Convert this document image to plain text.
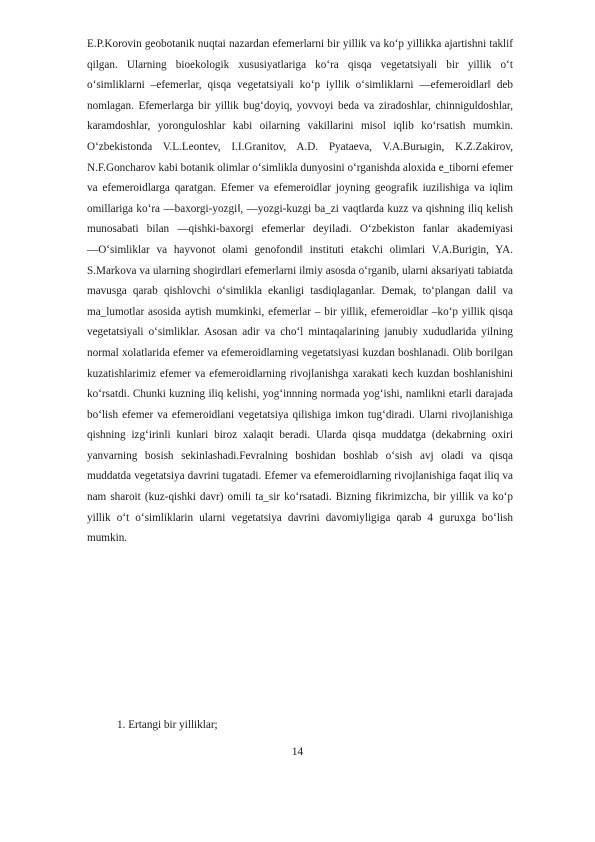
E.P.Korovin geobotanik nuqtai nazardan efemerlarni bir yillik va ko‘p yillikka ajartishni taklif qilgan. Ularning bioekologik xususiyatlariga ko‘ra qisqa vegetatsiyali bir yillik o‘t o‘simliklarni –efemerlar, qisqa vegetatsiyali ko‘p iyllik o‘simliklarni ―efemeroidlar‖ deb nomlagan. Efemerlarga bir yillik bug‘doyiq, yovvoyi beda va ziradoshlar, chinniguldoshlar, karamdoshlar, yoronguloshlar kabi oilarning vakillarini misol iqlib ko‘rsatish mumkin. O‘zbekistonda V.L.Leontev, I.I.Granitov, A.D. Pyataeva, V.A.Burыgin, K.Z.Zakirov, N.F.Goncharov kabi botanik olimlar o‘simlikla dunyosini o‘rganishda aloxida e_tiborni efemer va efemeroidlarga qaratgan. Efemer va efemeroidlar joyning geografik iuzilishiga va iqlim omillariga ko‘ra ―baxorgi-yozgi‖, ―yozgi-kuzgi ba_zi vaqtlarda kuzz va qishning iliq kelish munosabati bilan ―qishki-baxorgi efemerlar deyiladi. O‘zbekiston fanlar akademiyasi ―O‘simliklar va hayvonot olami genofondi‖ instituti etakchi olimlari V.A.Burigin, YA. S.Markova va ularning shogirdlari efemerlarni ilmiy asosda o‘rganib, ularni aksariyati tabiatda mavusga qarab qishlovchi o‘simlikla ekanligi tasdiqlaganlar. Demak, to‘plangan dalil va ma_lumotlar asosida aytish mumkinki, efemerlar – bir yillik, efemeroidlar –ko‘p yillik qisqa vegetatsiyali o‘simliklar. Asosan adir va cho‘l mintaqalarining janubiy xududlarida yilning normal xolatlarida efemer va efemeroidlarning vegetatsiyasi kuzdan boshlanadi. Olib borilgan kuzatishlarimiz efemer va efemeroidlarning rivojlanishga xarakati kech kuzdan boshlanishini ko‘rsatdi. Chunki kuzning iliq kelishi, yog‘innning normada yog‘ishi, namlikni etarli darajada bo‘lish efemer va efemeroidlani vegetatsiya qilishiga imkon tug‘diradi. Ularni rivojlanishiga qishning izg‘irinli kunlari biroz xalaqit beradi. Ularda qisqa muddatga (dekabrning oxiri yanvarning bosish sekinlashadi.Fevralning boshidan boshlab o‘sish avj oladi va qisqa muddatda vegetatsiya davrini tugatadi. Efemer va efemeroidlarning rivojlanishiga faqat iliq va nam sharoit (kuz-qishki davr) omili ta_sir ko‘rsatadi. Bizning fikrimizcha, bir yillik va ko‘p yillik o‘t o‘simliklarin ularni vegetatsiya davrini davomiyligiga qarab 4 guruxga bo‘lish mumkin.

1. Ertangi bir yilliklar;
14
